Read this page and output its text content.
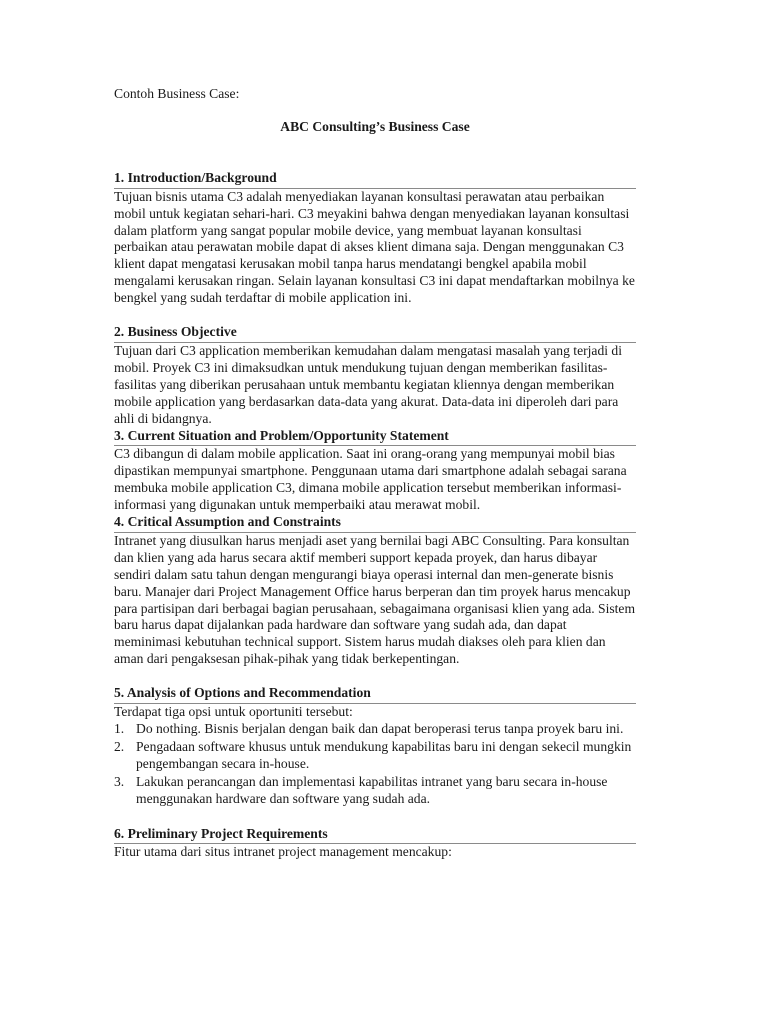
Contoh Business Case:

ABC Consulting’s Business Case

1. Introduction/Background

Tujuan bisnis utama C3 adalah menyediakan layanan konsultasi perawatan atau perbaikan mobil untuk kegiatan sehari-hari. C3 meyakini bahwa dengan menyediakan layanan konsultasi dalam platform yang sangat popular mobile device, yang membuat layanan konsultasi perbaikan atau perawatan mobile dapat di akses klient dimana saja. Dengan menggunakan C3 klient dapat mengatasi kerusakan mobil tanpa harus mendatangi bengkel apabila mobil mengalami kerusakan ringan. Selain layanan konsultasi C3 ini dapat mendaftarkan mobilnya ke bengkel yang sudah terdaftar di mobile application ini.

2. Business Objective

Tujuan dari C3 application memberikan kemudahan dalam mengatasi masalah yang terjadi di mobil. Proyek C3 ini dimaksudkan untuk mendukung tujuan dengan memberikan fasilitas-fasilitas yang diberikan perusahaan untuk membantu kegiatan kliennya dengan memberikan mobile application yang berdasarkan data-data yang akurat. Data-data ini diperoleh dari para ahli di bidangnya.

3. Current Situation and Problem/Opportunity Statement

C3 dibangun di dalam mobile application. Saat ini orang-orang yang mempunyai mobil bias dipastikan mempunyai smartphone. Penggunaan utama dari smartphone adalah sebagai sarana membuka mobile application C3, dimana mobile application tersebut memberikan informasi-informasi yang digunakan untuk memperbaiki atau merawat mobil.

4. Critical Assumption and Constraints

Intranet yang diusulkan harus menjadi aset yang bernilai bagi ABC Consulting. Para konsultan dan klien yang ada harus secara aktif memberi support kepada proyek, dan harus dibayar sendiri dalam satu tahun dengan mengurangi biaya operasi internal dan men-generate bisnis baru. Manajer dari Project Management Office harus berperan dan tim proyek harus mencakup para partisipan dari berbagai bagian perusahaan, sebagaimana organisasi klien yang ada. Sistem baru harus dapat dijalankan pada hardware dan software yang sudah ada, dan dapat meminimasi kebutuhan technical support. Sistem harus mudah diakses oleh para klien dan aman dari pengaksesan pihak-pihak yang tidak berkepentingan.

5. Analysis of Options and Recommendation

Terdapat tiga opsi untuk oportuniti tersebut:

1. Do nothing. Bisnis berjalan dengan baik dan dapat beroperasi terus tanpa proyek baru ini.
2. Pengadaan software khusus untuk mendukung kapabilitas baru ini dengan sekecil mungkin pengembangan secara in-house.
3. Lakukan perancangan dan implementasi kapabilitas intranet yang baru secara in-house menggunakan hardware dan software yang sudah ada.

6. Preliminary Project Requirements

Fitur utama dari situs intranet project management mencakup:
